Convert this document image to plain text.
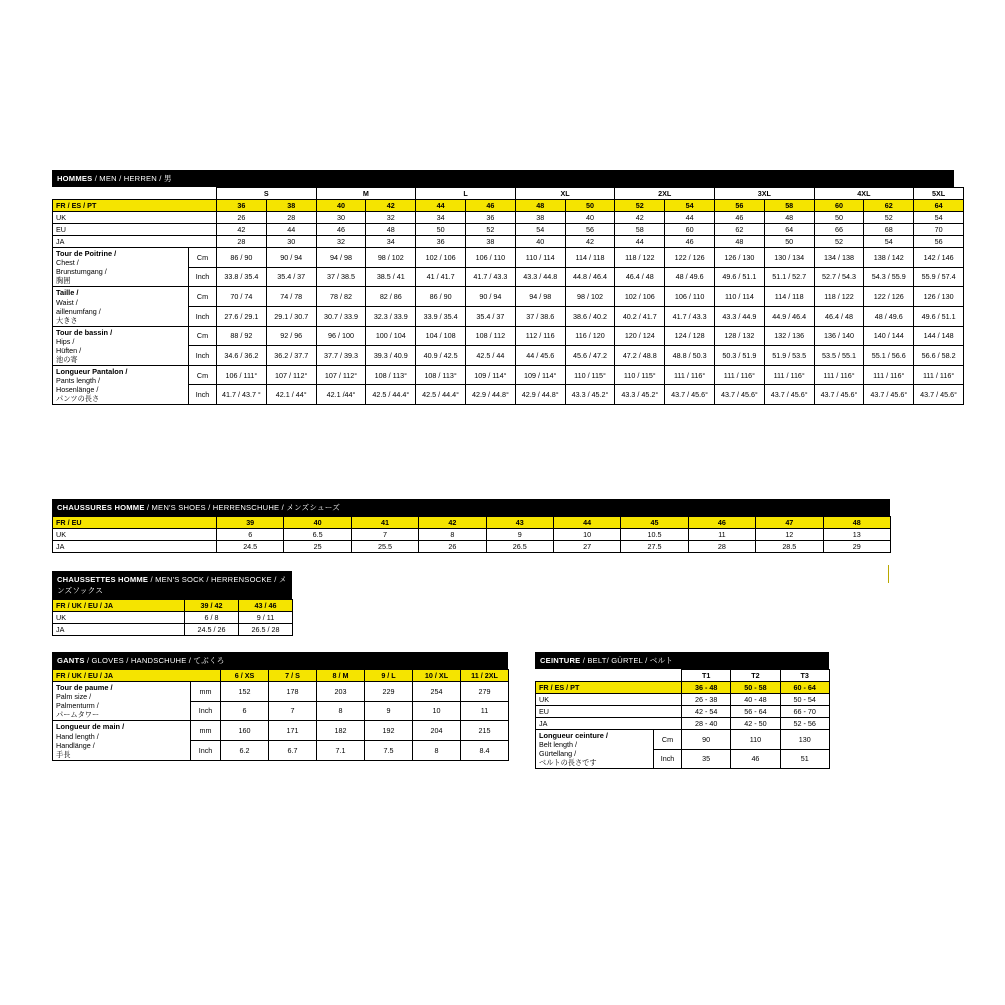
HOMMES / MEN / HERREN / 男
		S		M		L		XL		2XL		3XL		4XL		5XL
FR / ES / PT		36	38	40	42	44	46	48	50	52	54	56	58	60	62	64
UK		26	28	30	32	34	36	38	40	42	44	46	48	50	52	54
EU		42	44	46	48	50	52	54	56	58	60	62	64	66	68	70
JA		28	30	32	34	36	38	40	42	44	46	48	50	52	54	56
Tour de Poitrine /
Chest /
Brunstumgang /
胸囲	Cm	86 / 90	90 / 94	94 / 98	98 / 102	102 / 106	106 / 110	110 / 114	114 / 118	118 / 122	122 / 126	126 / 130	130 / 134	134 / 138	138 / 142	142 / 146
	Inch	33.8 / 35.4	35.4 / 37	37 / 38.5	38.5 / 41	41 / 41.7	41.7 / 43.3	43.3 / 44.8	44.8 / 46.4	46.4 / 48	48 / 49.6	49.6 / 51.1	51.1 / 52.7	52.7 / 54.3	54.3 / 55.9	55.9 / 57.4
Taille /
Waist /
aillenumfang /
大きさ	Cm	70 / 74	74 / 78	78 / 82	82 / 86	86 / 90	90 / 94	94 / 98	98 / 102	102 / 106	106 / 110	110 / 114	114 / 118	118 / 122	122 / 126	126 / 130
	Inch	27.6 / 29.1	29.1 / 30.7	30.7 / 33.9	32.3 / 33.9	33.9 / 35.4	35.4 / 37	37 / 38.6	38.6 / 40.2	40.2 / 41.7	41.7 / 43.3	43.3 / 44.9	44.9 / 46.4	46.4 / 48	48 / 49.6	49.6 / 51.1
Tour de bassin /
Hips /
Hüften /
池の寄	Cm	88 / 92	92 / 96	96 / 100	100 / 104	104 / 108	108 / 112	112 / 116	116 / 120	120 / 124	124 / 128	128 / 132	132 / 136	136 / 140	140 / 144	144 / 148
	Inch	34.6 / 36.2	36.2 / 37.7	37.7 / 39.3	39.3 / 40.9	40.9 / 42.5	42.5 / 44	44 / 45.6	45.6 / 47.2	47.2 / 48.8	48.8 / 50.3	50.3 / 51.9	51.9 / 53.5	53.5 / 55.1	55.1 / 56.6	56.6 / 58.2
Longueur Pantalon /
Pants length /
Hosenlänge /
パンツの長さ	Cm	106 / 111°	107 / 112°	107 / 112°	108 / 113°	108 / 113°	109 / 114°	109 / 114°	110 / 115°	110 / 115°	111 / 116°	111 / 116°	111 / 116°	111 / 116°	111 / 116°	111 / 116°
	Inch	41.7 / 43.7 °	42.1 / 44°	42.1 /44°	42.5 / 44.4°	42.5 / 44.4°	42.9 / 44.8°	42.9 / 44.8°	43.3 / 45.2°	43.3 / 45.2°	43.7 / 45.6°	43.7 / 45.6°	43.7 / 45.6°	43.7 / 45.6°	43.7 / 45.6°	43.7 / 45.6°
CHAUSSURES HOMME / MEN'S SHOES / HERRENSCHUHE / メンズシューズ
FR / EU	39	40	41	42	43	44	45	46	47	48
UK	6	6.5	7	8	9	10	10.5	11	12	13
JA	24.5	25	25.5	26	26.5	27	27.5	28	28.5	29
CHAUSSETTES HOMME / MEN'S SOCK / HERRENSOCKE / メンズソックス
FR / UK / EU / JA	39 / 42	43 / 46
UK	6 / 8	9 / 11
JA	24.5 / 26	26.5 / 28
GANTS / GLOVES / HANDSCHUHE / てぶくろ
FR / UK / EU / JA		6 / XS	7 / S	8 / M	9 / L	10 / XL	11 / 2XL
Tour de paume /
Palm size /
Palmenturm /
パームタワー	mm	152	178	203	229	254	279
	Inch	6	7	8	9	10	11
Longueur de main /
Hand length /
Handlänge /
手長	mm	160	171	182	192	204	215
	Inch	6.2	6.7	7.1	7.5	8	8.4
CEINTURE / BELT/ GÜRTEL / ベルト
		T1	T2	T3
FR / ES / PT		36 - 48	50 - 58	60 - 64
UK		26 - 38	40 - 48	50 - 54
EU		42 - 54	56 - 64	66 - 70
JA		28 - 40	42 - 50	52 - 56
Longueur ceinture /
Belt length /
Gürtellang /
ベルトの長さです	Cm	90	110	130
	Inch	35	46	51
